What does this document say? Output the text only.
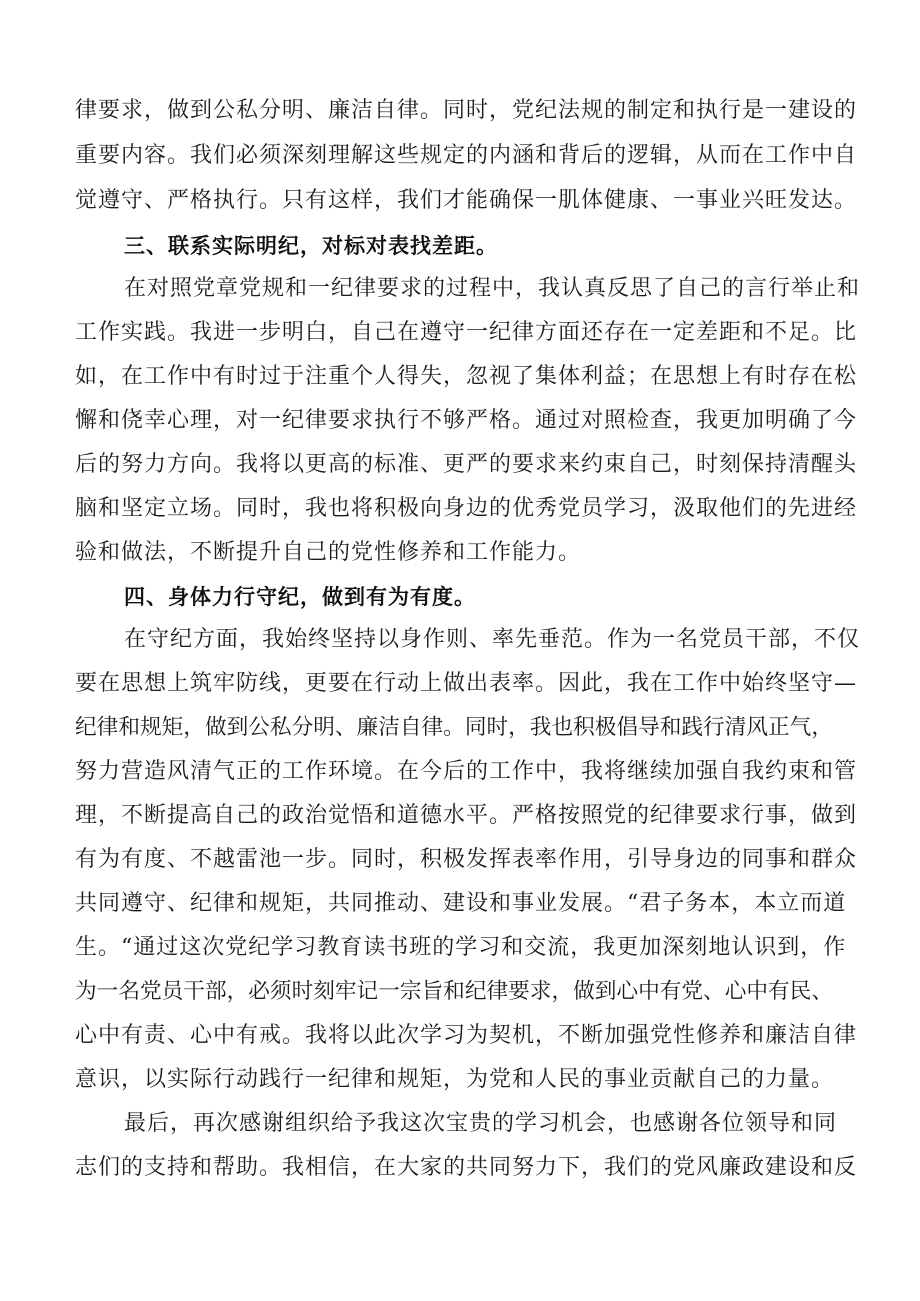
律要求，做到公私分明、廉洁自律。同时，党纪法规的制定和执行是一建设的
重要内容。我们必须深刻理解这些规定的内涵和背后的逻辑，从而在工作中自
觉遵守、严格执行。只有这样，我们才能确保一肌体健康、一事业兴旺发达。
三、联系实际明纪，对标对表找差距。
在对照党章党规和一纪律要求的过程中，我认真反思了自己的言行举止和
工作实践。我进一步明白，自己在遵守一纪律方面还存在一定差距和不足。比
如，在工作中有时过于注重个人得失，忽视了集体利益；在思想上有时存在松
懈和侥幸心理，对一纪律要求执行不够严格。通过对照检查，我更加明确了今
后的努力方向。我将以更高的标准、更严的要求来约束自己，时刻保持清醒头
脑和坚定立场。同时，我也将积极向身边的优秀党员学习，汲取他们的先进经
验和做法，不断提升自己的党性修养和工作能力。
四、身体力行守纪，做到有为有度。
在守纪方面，我始终坚持以身作则、率先垂范。作为一名党员干部，不仅
要在思想上筑牢防线，更要在行动上做出表率。因此，我在工作中始终坚守—
纪律和规矩，做到公私分明、廉洁自律。同时，我也积极倡导和践行清风正气，
努力营造风清气正的工作环境。在今后的工作中，我将继续加强自我约束和管
理，不断提高自己的政治觉悟和道德水平。严格按照党的纪律要求行事，做到
有为有度、不越雷池一步。同时，积极发挥表率作用，引导身边的同事和群众
共同遵守、纪律和规矩，共同推动、建设和事业发展。“君子务本，本立而道
生。“通过这次党纪学习教育读书班的学习和交流，我更加深刻地认识到，作
为一名党员干部，必须时刻牢记一宗旨和纪律要求，做到心中有党、心中有民、
心中有责、心中有戒。我将以此次学习为契机，不断加强党性修养和廉洁自律
意识，以实际行动践行一纪律和规矩，为党和人民的事业贡献自己的力量。
最后，再次感谢组织给予我这次宝贵的学习机会，也感谢各位领导和同
志们的支持和帮助。我相信，在大家的共同努力下，我们的党风廉政建设和反
